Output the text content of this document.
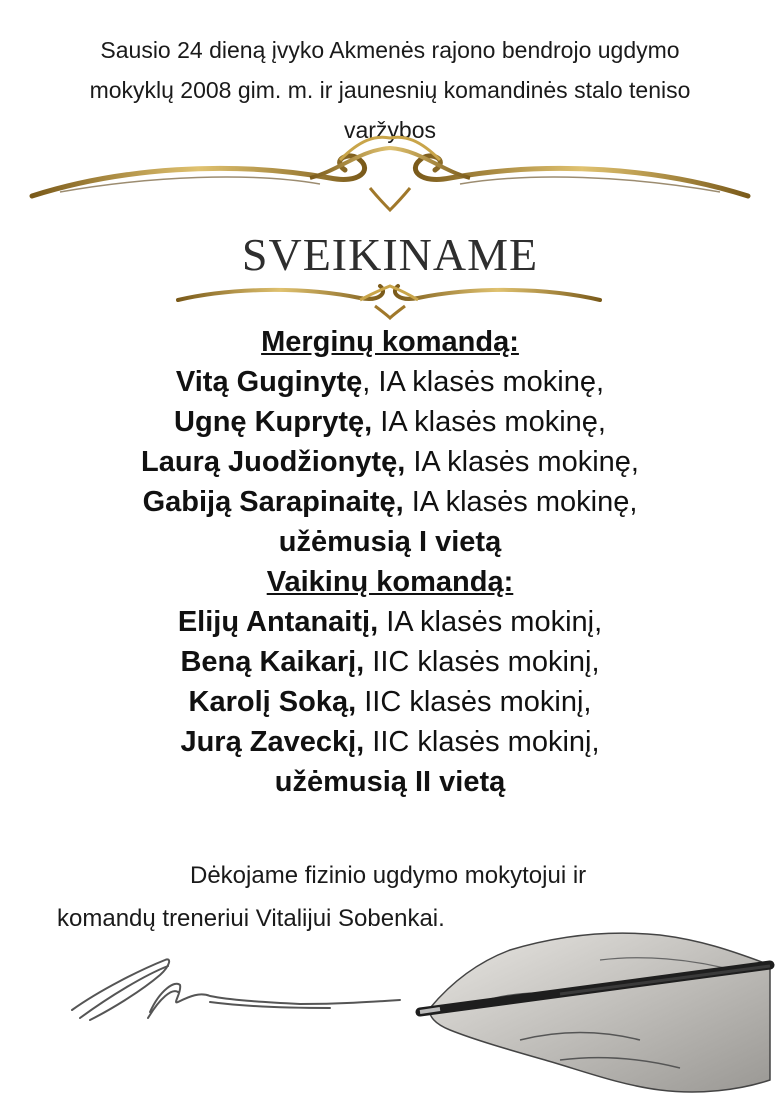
Sausio 24 dieną įvyko Akmenės rajono bendrojo ugdymo
mokyklų 2008 gim. m. ir jaunesnių komandinės stalo teniso
varžybos
SVEIKINAME
Merginų komandą:
Vitą Guginytę, IA klasės mokinę,
Ugnę Kuprytę, IA klasės mokinę,
Laurą Juodžionytę, IA klasės mokinę,
Gabiją Sarapinaitę, IA klasės mokinę,
užėmusią I vietą
Vaikinų komandą:
Elijų Antanaitį, IA klasės mokinį,
Beną Kaikarį, IIC klasės mokinį,
Karolį Soką, IIC klasės mokinį,
Jurą Zaveckį, IIC klasės mokinį,
užėmusią II vietą
Dėkojame fizinio ugdymo mokytojui ir
komandų treneriui Vitalijui Sobenkai.
